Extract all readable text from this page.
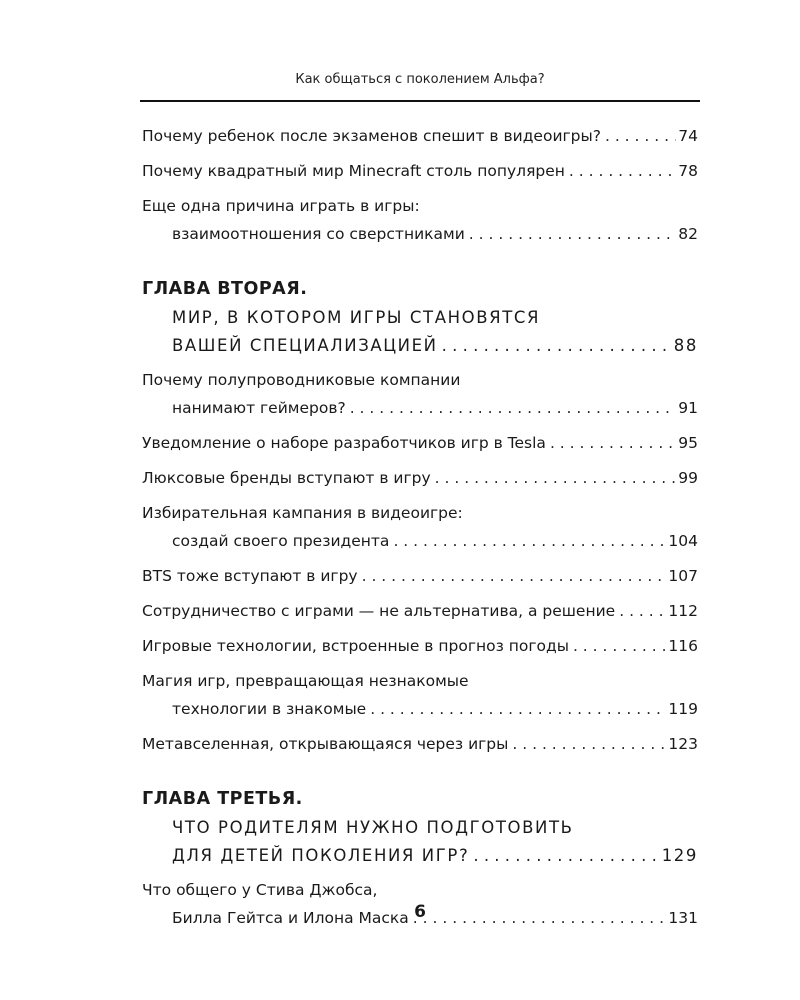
Как общаться с поколением Альфа?
Почему ребенок после экзаменов спешит в видеоигры? . . .	74
Почему квадратный мир Minecraft столь популярен . . .	78
Еще одна причина играть в игры:
взаимоотношения со сверстниками . . .	82
ГЛАВА ВТОРАЯ.
МИР, В КОТОРОМ ИГРЫ СТАНОВЯТСЯ
ВАШЕЙ СПЕЦИАЛИЗАЦИЕЙ . . .	88
Почему полупроводниковые компании
нанимают геймеров? . . .	91
Уведомление о наборе разработчиков игр в Tesla . . .	95
Люксовые бренды вступают в игру . . .	99
Избирательная кампания в видеоигре:
создай своего президента . . .	104
BTS тоже вступают в игру . . .	107
Сотрудничество с играми — не альтернатива, а решение . . .	112
Игровые технологии, встроенные в прогноз погоды . . .	116
Магия игр, превращающая незнакомые
технологии в знакомые . . .	119
Метавселенная, открывающаяся через игры . . .	123
ГЛАВА ТРЕТЬЯ.
ЧТО РОДИТЕЛЯМ НУЖНО ПОДГОТОВИТЬ
ДЛЯ ДЕТЕЙ ПОКОЛЕНИЯ ИГР? . . .	129
Что общего у Стива Джобса,
Билла Гейтса и Илона Маска . . .	131
6
